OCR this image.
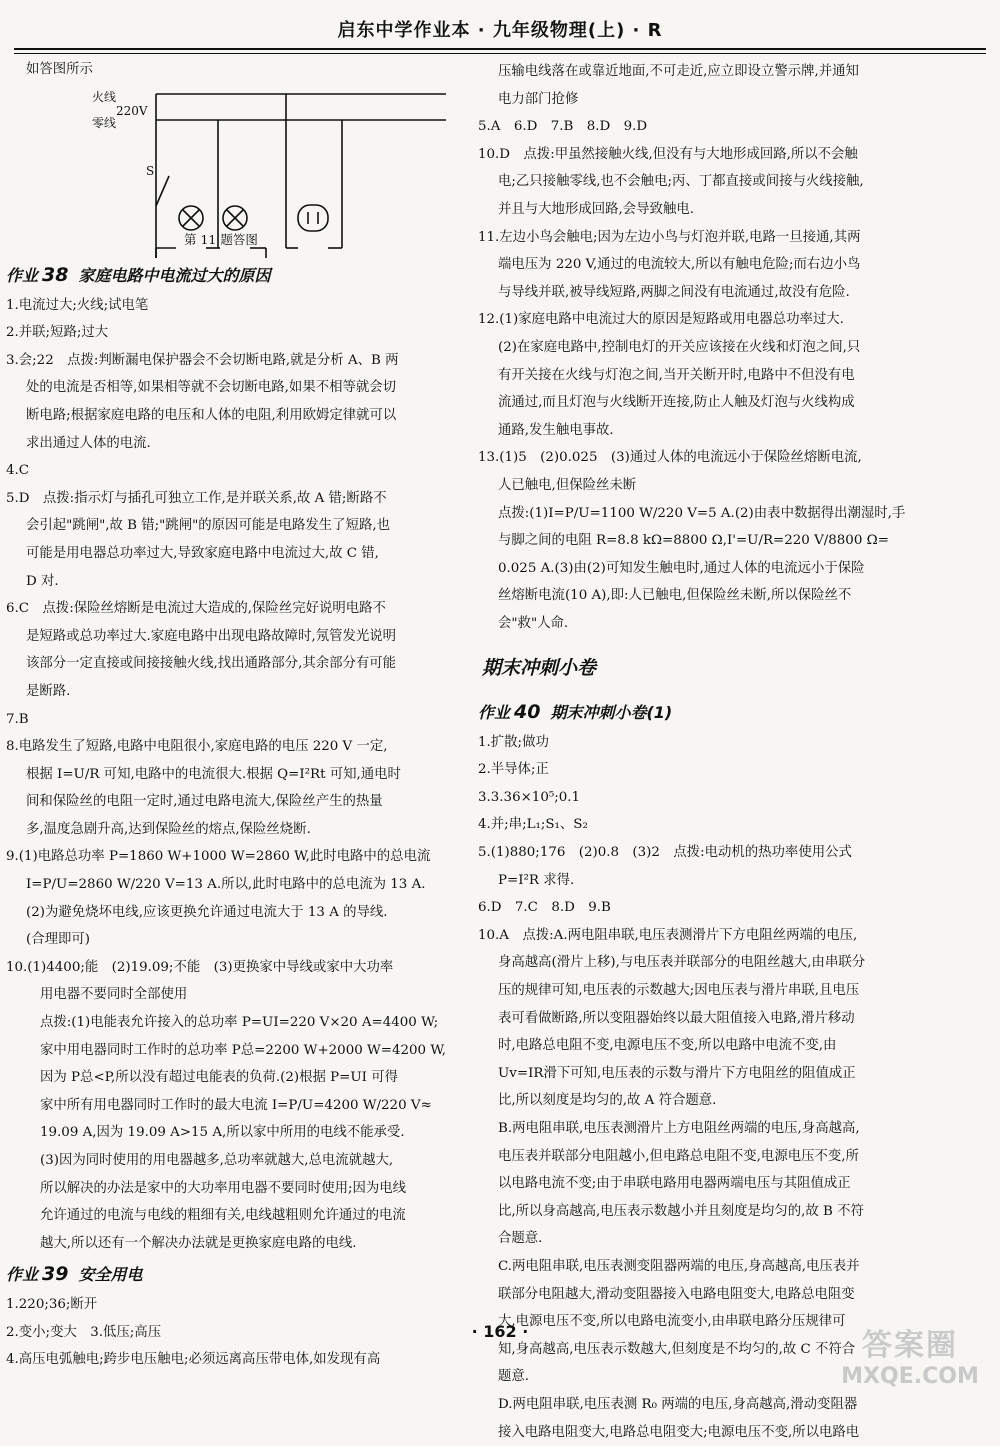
启东中学作业本 · 九年级物理(上) · R
如答图所示
火线
220V
零线
S
第 11 题答图
作业 38 家庭电路中电流过大的原因

1.电流过大;火线;试电笔

2.并联;短路;过大

3.会;22　点拨:判断漏电保护器会不会切断电路,就是分析 A、B 两

处的电流是否相等,如果相等就不会切断电路,如果不相等就会切

断电路;根据家庭电路的电压和人体的电阻,利用欧姆定律就可以

求出通过人体的电流.

4.C

5.D　点拨:指示灯与插孔可独立工作,是并联关系,故 A 错;断路不

会引起"跳闸",故 B 错;"跳闸"的原因可能是电路发生了短路,也

可能是用电器总功率过大,导致家庭电路中电流过大,故 C 错,

D 对.

6.C　点拨:保险丝熔断是电流过大造成的,保险丝完好说明电路不

是短路或总功率过大.家庭电路中出现电路故障时,氖管发光说明

该部分一定直接或间接接触火线,找出通路部分,其余部分有可能

是断路.

7.B

8.电路发生了短路,电路中电阻很小,家庭电路的电压 220 V 一定,

根据 I=U/R 可知,电路中的电流很大.根据 Q=I²Rt 可知,通电时

间和保险丝的电阻一定时,通过电路电流大,保险丝产生的热量

多,温度急剧升高,达到保险丝的熔点,保险丝烧断.

9.(1)电路总功率 P=1860 W+1000 W=2860 W,此时电路中的总电流

I=P/U=2860 W/220 V=13 A.所以,此时电路中的总电流为 13 A.

(2)为避免烧坏电线,应该更换允许通过电流大于 13 A 的导线.

(合理即可)

10.(1)4400;能　(2)19.09;不能　(3)更换家中导线或家中大功率

用电器不要同时全部使用

点拨:(1)电能表允许接入的总功率 P=UI=220 V×20 A=4400 W;

家中用电器同时工作时的总功率 P总=2200 W+2000 W=4200 W,

因为 P总<P,所以没有超过电能表的负荷.(2)根据 P=UI 可得

家中所有用电器同时工作时的最大电流 I=P/U=4200 W/220 V≈

19.09 A,因为 19.09 A>15 A,所以家中所用的电线不能承受.

(3)因为同时使用的用电器越多,总功率就越大,总电流就越大,

所以解决的办法是家中的大功率用电器不要同时使用;因为电线

允许通过的电流与电线的粗细有关,电线越粗则允许通过的电流

越大,所以还有一个解决办法就是更换家庭电路的电线.

作业 39 安全用电

1.220;36;断开

2.变小;变大　3.低压;高压

4.高压电弧触电;跨步电压触电;必须远离高压带电体,如发现有高

压输电线落在或靠近地面,不可走近,应立即设立警示牌,并通知

电力部门抢修

5.A　6.D　7.B　8.D　9.D

10.D　点拨:甲虽然接触火线,但没有与大地形成回路,所以不会触

电;乙只接触零线,也不会触电;丙、丁都直接或间接与火线接触,

并且与大地形成回路,会导致触电.

11.左边小鸟会触电;因为左边小鸟与灯泡并联,电路一旦接通,其两

端电压为 220 V,通过的电流较大,所以有触电危险;而右边小鸟

与导线并联,被导线短路,两脚之间没有电流通过,故没有危险.

12.(1)家庭电路中电流过大的原因是短路或用电器总功率过大.

(2)在家庭电路中,控制电灯的开关应该接在火线和灯泡之间,只

有开关接在火线与灯泡之间,当开关断开时,电路中不但没有电

流通过,而且灯泡与火线断开连接,防止人触及灯泡与火线构成

通路,发生触电事故.

13.(1)5　(2)0.025　(3)通过人体的电流远小于保险丝熔断电流,

人已触电,但保险丝未断

点拨:(1)I=P/U=1100 W/220 V=5 A.(2)由表中数据得出潮湿时,手

与脚之间的电阻 R=8.8 kΩ=8800 Ω,I'=U/R=220 V/8800 Ω=

0.025 A.(3)由(2)可知发生触电时,通过人体的电流远小于保险

丝熔断电流(10 A),即:人已触电,但保险丝未断,所以保险丝不

会"救"人命.

期末冲刺小卷
作业 40 期末冲刺小卷(1)

1.扩散;做功

2.半导体;正

3.3.36×10⁵;0.1

4.并;串;L₁;S₁、S₂

5.(1)880;176　(2)0.8　(3)2　点拨:电动机的热功率使用公式

P=I²R 求得.

6.D　7.C　8.D　9.B

10.A　点拨:A.两电阻串联,电压表测滑片下方电阻丝两端的电压,

身高越高(滑片上移),与电压表并联部分的电阻丝越大,由串联分

压的规律可知,电压表的示数越大;因电压表与滑片串联,且电压

表可看做断路,所以变阻器始终以最大阻值接入电路,滑片移动

时,电路总电阻不变,电源电压不变,所以电路中电流不变,由

Uv=IR滑下可知,电压表的示数与滑片下方电阻丝的阻值成正

比,所以刻度是均匀的,故 A 符合题意.

B.两电阻串联,电压表测滑片上方电阻丝两端的电压,身高越高,

电压表并联部分电阻越小,但电路总电阻不变,电源电压不变,所

以电路电流不变;由于串联电路用电器两端电压与其阻值成正

比,所以身高越高,电压表示数越小并且刻度是均匀的,故 B 不符

合题意.

C.两电阻串联,电压表测变阻器两端的电压,身高越高,电压表并

联部分电阻越大,滑动变阻器接入电路电阻变大,电路总电阻变

大,电源电压不变,所以电路电流变小,由串联电路分压规律可

知,身高越高,电压表示数越大,但刻度是不均匀的,故 C 不符合

题意.

D.两电阻串联,电压表测 R₀ 两端的电压,身高越高,滑动变阻器

接入电路电阻变大,电路总电阻变大;电源电压不变,所以电路电

· 162 ·	答案圈
MXQE.COM
